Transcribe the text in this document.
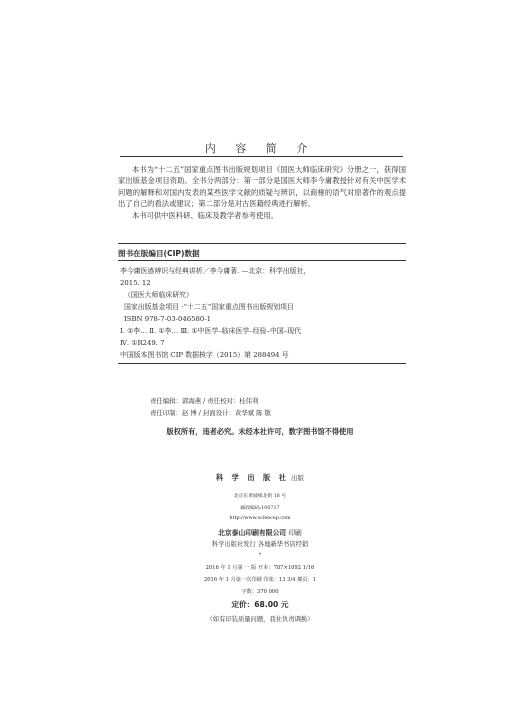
内 容 简 介

本书为“十二五”国家重点图书出版规划项目《国医大师临床研究》分册之一，获得国家出版基金项目资助。全书分两部分：第一部分是国医大师李今庸教授针对有关中医学术问题的解释和对国内发表的某些医学文献的质疑与辨识，以商榷的语气对原著作的观点提出了自己的看法或建议；第二部分是对古医籍经典进行解析。

本书可供中医科研、临床及教学者参考使用。

图书在版编目(CIP)数据
李今庸医惑辨识与经典讲析／李今庸著. —北京：科学出版社，
2015. 12
（国医大师临床研究）
国家出版基金项目 ·“十二五”国家重点图书出版规划项目
ISBN 978-7-03-046580-1
Ⅰ. ①李… Ⅱ. ①李… Ⅲ. ①中医学–临床医学–经验–中国–现代
Ⅳ. ①R249. 7
中国版本图书馆 CIP 数据核字（2015）第 288494 号
责任编辑：郭海燕 / 责任校对：桂伟利
责任印制：赵 博 / 封面设计：黄华斌 陈 敬
版权所有，违者必究。未经本社许可，数字图书馆不得使用
科 学 出 版 社 出版
北京东黄城根北街 16 号
邮政编码:100717
http://www.sciencep.com
北京泰山印刷有限公司 印刷
科学出版社发行 各地新华书店经销
*
2016 年 1 月第 一 版 开本：787×1092 1/16
2016 年 1 月第一次印刷 印张：13 3/4 插页：1
字数：370 000
定价：68.00 元
（如有印装质量问题，我社负责调换）
